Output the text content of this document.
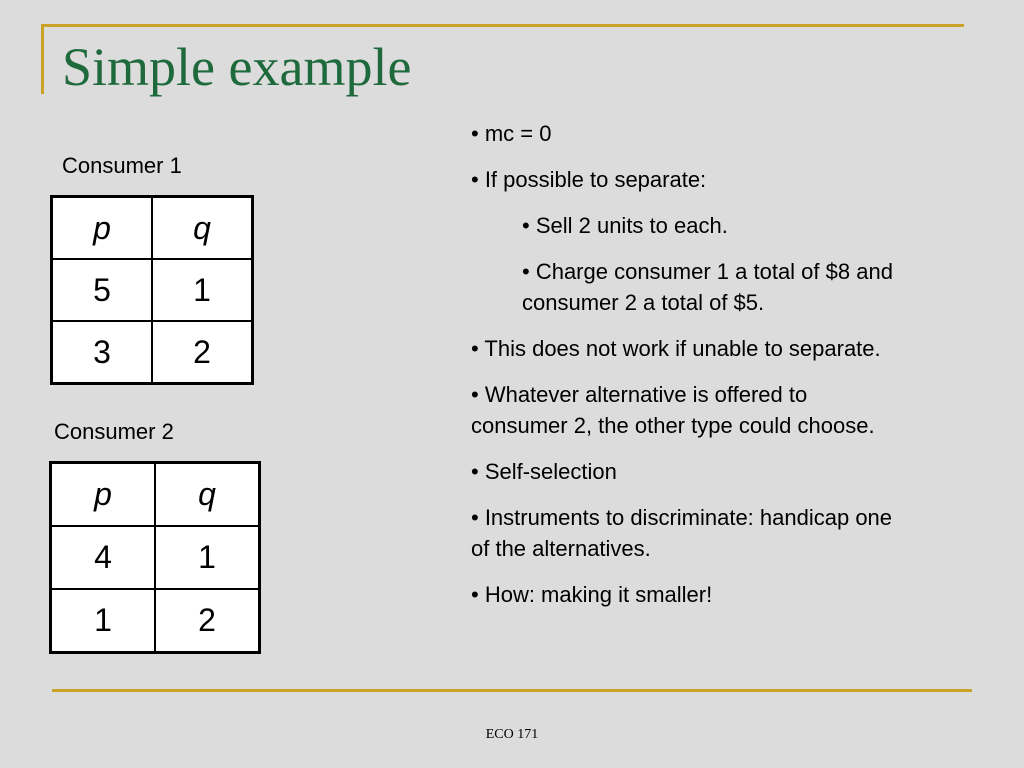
Simple example
Consumer 1
p	q
5	1
3	2
Consumer 2
p	q
4	1
1	2

• mc = 0

• If possible to separate:

• Sell 2 units to each.

• Charge consumer 1 a total of $8 and consumer 2 a total of $5.

• This does not work if unable to separate.

• Whatever alternative is offered to consumer 2, the other type could choose.

• Self-selection

• Instruments to discriminate: handicap one of the alternatives.

• How: making it smaller!

ECO 171
